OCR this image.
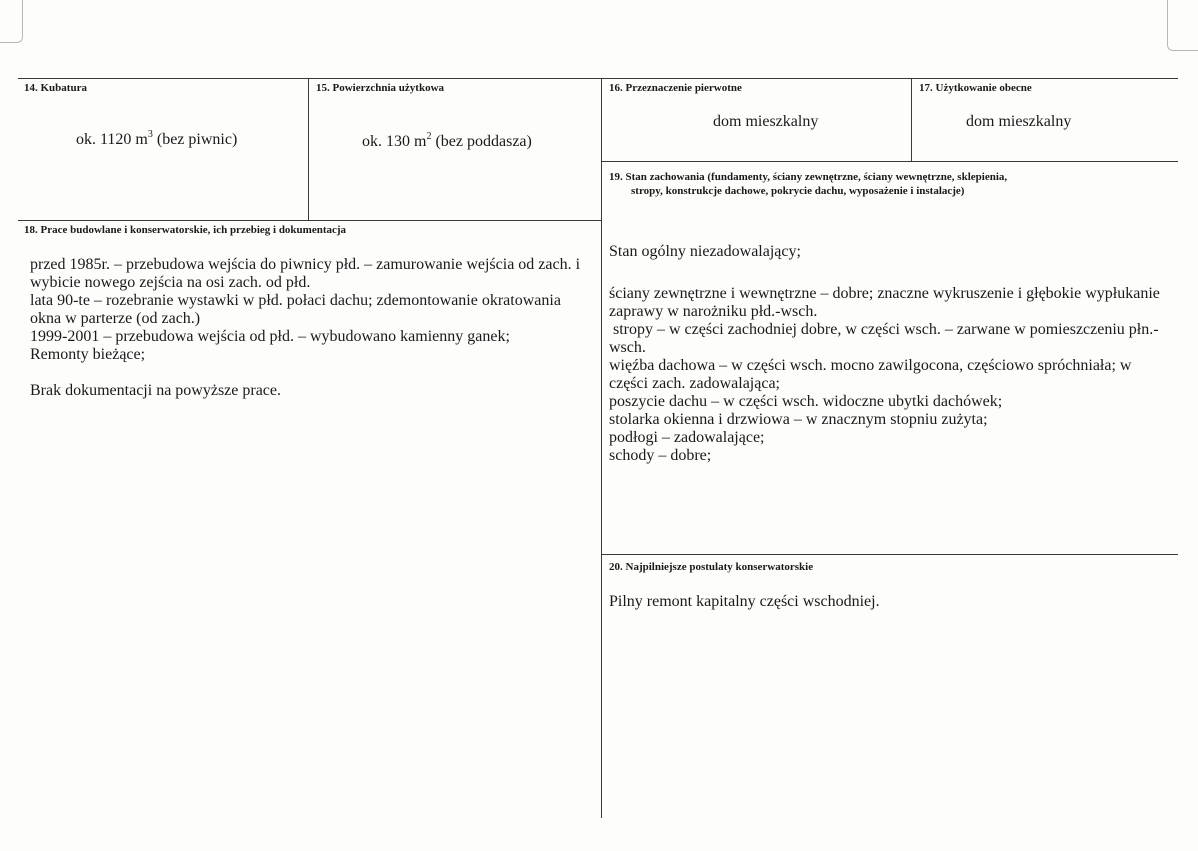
14. Kubatura
ok. 1120 $m^3$ (bez piwnic)
15. Powierzchnia użytkowa
ok. 130 $m^2$ (bez poddasza)
16. Przeznaczenie pierwotne
dom mieszkalny
17. Użytkowanie obecne
dom mieszkalny
19. Stan zachowania (fundamenty, ściany zewnętrzne, ściany wewnętrzne, sklepienia,
stropy, konstrukcje dachowe, pokrycie dachu, wyposażenie i instalacje)
Stan ogólny niezadowalający;

ściany zewnętrzne i wewnętrzne – dobre; znaczne wykruszenie i głębokie wypłukanie zaprawy w narożniku płd.-wsch.

stropy – w części zachodniej dobre, w części wsch. – zarwane w pomieszczeniu płn.-wsch.

więźba dachowa – w części wsch. mocno zawilgocona, częściowo spróchniała; w części zach. zadowalająca;

poszycie dachu – w części wsch. widoczne ubytki dachówek;

stolarka okienna i drzwiowa – w znacznym stopniu zużyta;

podłogi – zadowalające;

schody – dobre;

18. Prace budowlane i konserwatorskie, ich przebieg i dokumentacja

przed 1985r. – przebudowa wejścia do piwnicy płd. – zamurowanie wejścia od zach. i wybicie nowego zejścia na osi zach. od płd.

lata 90-te – rozebranie wystawki w płd. połaci dachu; zdemontowanie okratowania okna w parterze (od zach.)

1999-2001 – przebudowa wejścia od płd. – wybudowano kamienny ganek;

Remonty bieżące;

Brak dokumentacji na powyższe prace.

20. Najpilniejsze postulaty konserwatorskie
Pilny remont kapitalny części wschodniej.
